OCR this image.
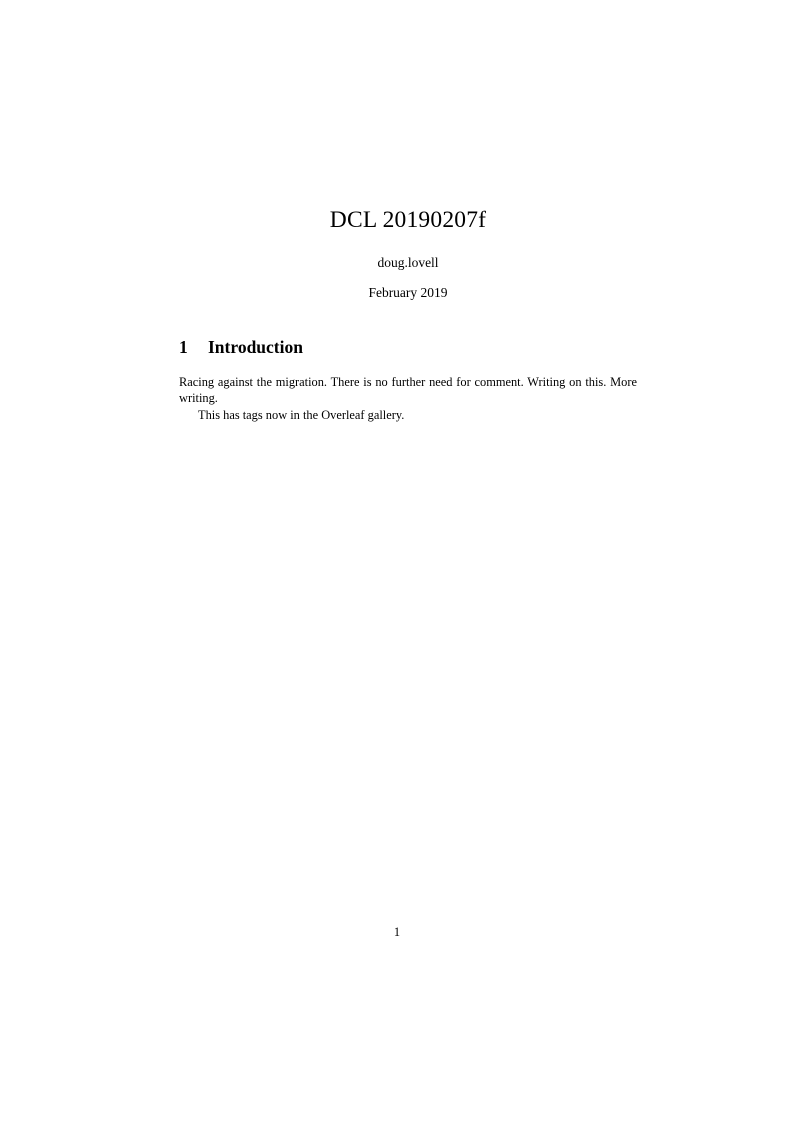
DCL 20190207f
doug.lovell
February 2019
1	Introduction

Racing against the migration. There is no further need for comment. Writing on this. More writing.

This has tags now in the Overleaf gallery.

1
